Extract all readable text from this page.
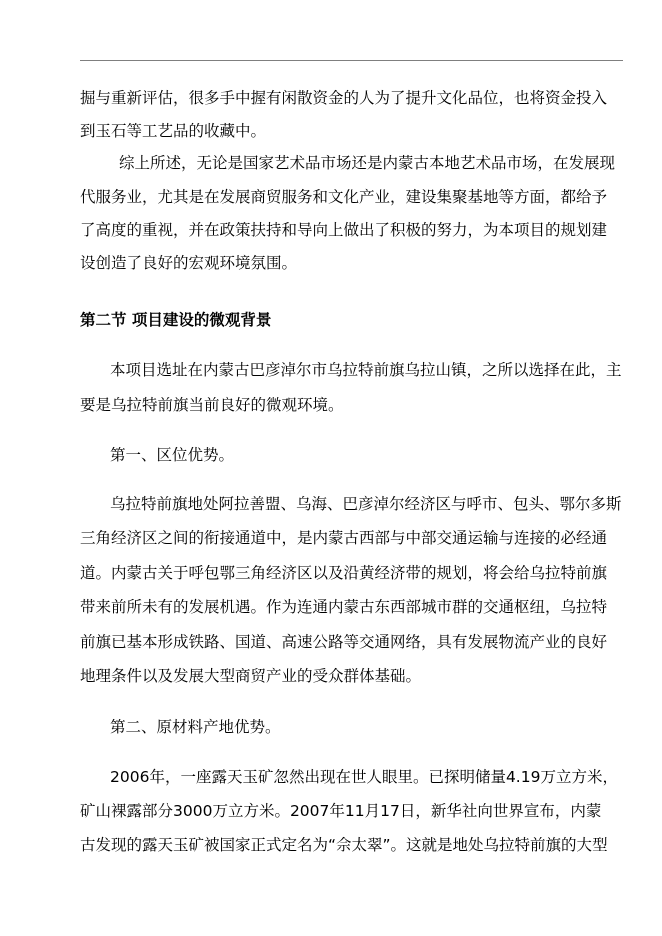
掘与重新评估，很多手中握有闲散资金的人为了提升文化品位，也将资金投入
到玉石等工艺品的收藏中。
综上所述，无论是国家艺术品市场还是内蒙古本地艺术品市场，在发展现
代服务业，尤其是在发展商贸服务和文化产业，建设集聚基地等方面，都给予
了高度的重视，并在政策扶持和导向上做出了积极的努力，为本项目的规划建
设创造了良好的宏观环境氛围。
第二节 项目建设的微观背景
本项目选址在内蒙古巴彦淖尔市乌拉特前旗乌拉山镇，之所以选择在此，主
要是乌拉特前旗当前良好的微观环境。
第一、区位优势。
乌拉特前旗地处阿拉善盟、乌海、巴彦淖尔经济区与呼市、包头、鄂尔多斯
三角经济区之间的衔接通道中，是内蒙古西部与中部交通运输与连接的必经通
道。内蒙古关于呼包鄂三角经济区以及沿黄经济带的规划，将会给乌拉特前旗
带来前所未有的发展机遇。作为连通内蒙古东西部城市群的交通枢纽，乌拉特
前旗已基本形成铁路、国道、高速公路等交通网络，具有发展物流产业的良好
地理条件以及发展大型商贸产业的受众群体基础。
第二、原材料产地优势。
2006年，一座露天玉矿忽然出现在世人眼里。已探明储量4.19万立方米，
矿山裸露部分3000万立方米。2007年11月17日，新华社向世界宣布，内蒙
古发现的露天玉矿被国家正式定名为“佘太翠”。这就是地处乌拉特前旗的大型
